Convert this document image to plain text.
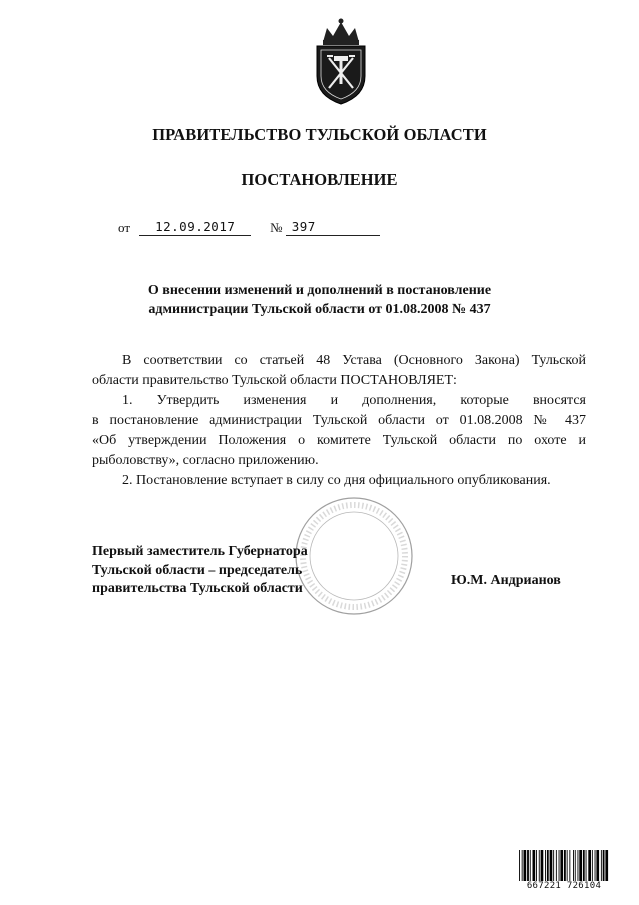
ПРАВИТЕЛЬСТВО ТУЛЬСКОЙ ОБЛАСТИ
ПОСТАНОВЛЕНИЕ
от 12.09.2017	№ 397
О внесении изменений и дополнений в постановление
администрации Тульской области от 01.08.2008 № 437
В соответствии со статьей 48 Устава (Основного Закона) Тульской
области правительство Тульской области ПОСТАНОВЛЯЕТ:
1. Утвердить изменения и дополнения, которые вносятся
в постановление администрации Тульской области от 01.08.2008 № 437
«Об утверждении Положения о комитете Тульской области по охоте и
рыболовству», согласно приложению.
2. Постановление вступает в силу со дня официального опубликования.
Первый заместитель Губернатора
Тульской области – председатель
правительства Тульской области
Ю.М. Андрианов
667221 726104
